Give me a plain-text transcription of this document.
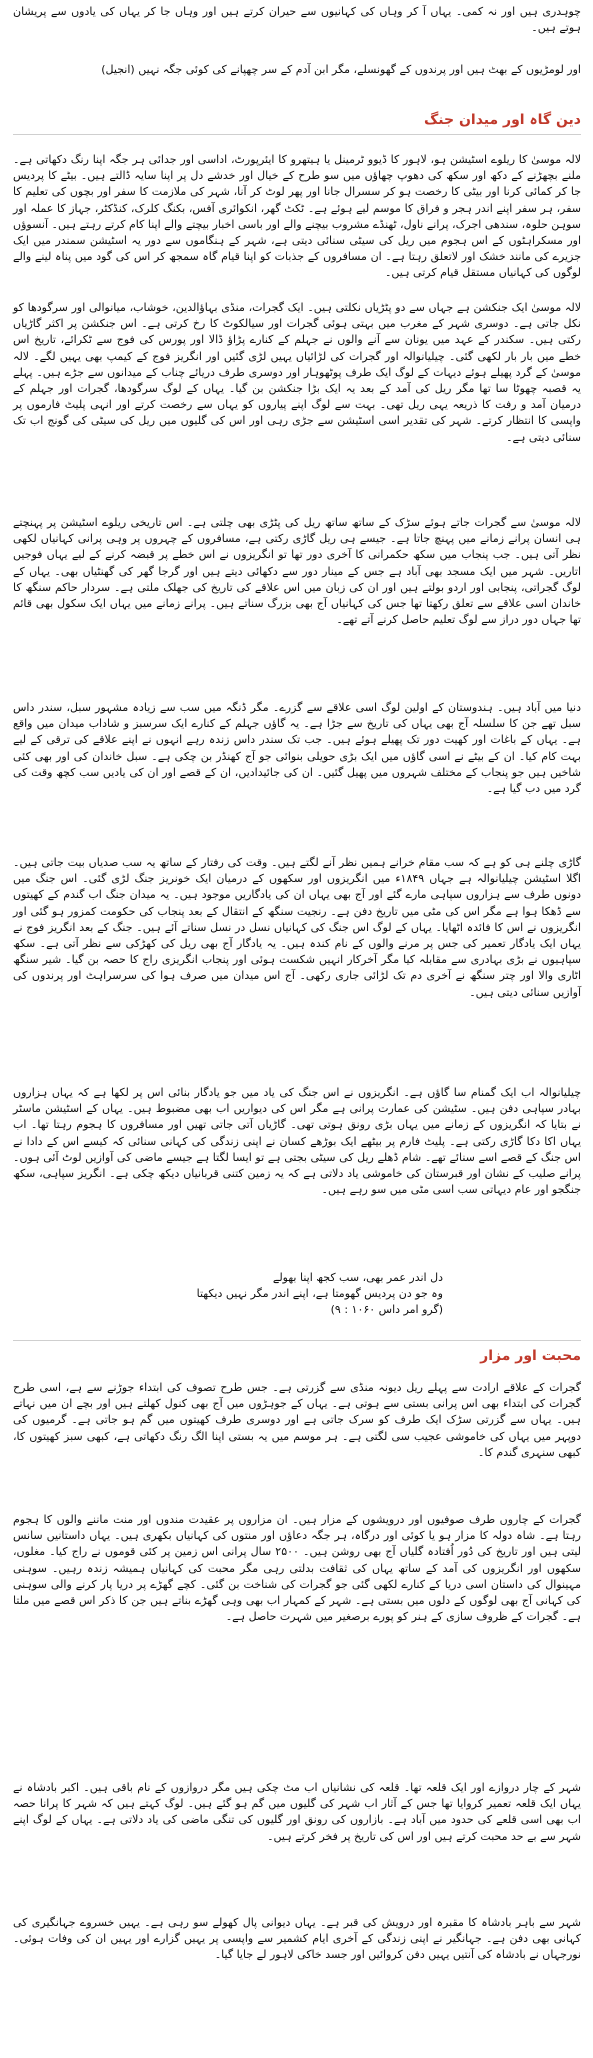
چوہدری ہیں اور نہ کمی۔ یہاں آ کر وہاں کی کہانیوں سے حیران کرتے ہیں اور وہاں جا کر یہاں کی یادوں سے پریشان ہوتے ہیں۔

اور لومڑیوں کے بھٹ ہیں اور پرندوں کے گھونسلے، مگر ابن آدم کے سر چھپانے کی کوئی جگہ نہیں (انجیل)

دین گاہ اور میدان جنگ

لالہ موسیٰ کا ریلوے اسٹیشن ہو، لاہور کا ڈیوو ٹرمینل یا ہیتھرو کا ایئرپورٹ، اداسی اور جدائی ہر جگہ اپنا رنگ دکھاتی ہے۔ ملنے بچھڑنے کے دکھ اور سکھ کی دھوپ چھاؤں میں سو طرح کے خیال اور خدشے دل پر اپنا سایہ ڈالتے ہیں۔ بیٹے کا پردیس جا کر کمائی کرنا اور بیٹی کا رخصت ہو کر سسرال جانا اور پھر لوٹ کر آنا، شہر کی ملازمت کا سفر اور بچوں کی تعلیم کا سفر، ہر سفر اپنے اندر ہجر و فراق کا موسم لیے ہوئے ہے۔ ٹکٹ گھر، انکوائری آفس، بکنگ کلرک، کنڈکٹر، جہاز کا عملہ اور سوہن حلوہ، سندھی اجرک، پرانے ناول، ٹھنڈے مشروب بیچنے والے اور باسی اخبار بیچتے والے اپنا کام کرتے رہتے ہیں۔ آنسوؤں اور مسکراہٹوں کے اس ہجوم میں ریل کی سیٹی سنائی دیتی ہے، شہر کے ہنگاموں سے دور یہ اسٹیشن سمندر میں ایک جزیرے کی مانند خشک اور لاتعلق رہتا ہے۔ ان مسافروں کے جذبات کو اپنا قیام گاہ سمجھ کر اس کی گود میں پناہ لینے والے لوگوں کی کہانیاں مستقل قیام کرتی ہیں۔

لالہ موسیٰ ایک جنکشن ہے جہاں سے دو پٹڑیاں نکلتی ہیں۔ ایک گجرات، منڈی بہاؤالدین، خوشاب، میانوالی اور سرگودھا کو نکل جاتی ہے۔ دوسری شہر کے مغرب میں بہتی ہوئی گجرات اور سیالکوٹ کا رخ کرتی ہے۔ اس جنکشن پر اکثر گاڑیاں رکتی ہیں۔ سکندر کے عہد میں یونان سے آنے والوں نے جہلم کے کنارے پڑاؤ ڈالا اور پورس کی فوج سے ٹکرائے، تاریخ اس خطے میں بار بار لکھی گئی۔ چیلیانوالہ اور گجرات کی لڑائیاں یہیں لڑی گئیں اور انگریز فوج کے کیمپ بھی یہیں لگے۔ لالہ موسیٰ کے گرد پھیلے ہوئے دیہات کے لوگ ایک طرف پوٹھوہار اور دوسری طرف دریائے چناب کے میدانوں سے جڑے ہیں۔ پہلے یہ قصبہ چھوٹا سا تھا مگر ریل کی آمد کے بعد یہ ایک بڑا جنکشن بن گیا۔ یہاں کے لوگ سرگودھا، گجرات اور جہلم کے درمیان آمد و رفت کا ذریعہ یہی ریل تھی۔ بہت سے لوگ اپنے پیاروں کو یہاں سے رخصت کرتے اور انہی پلیٹ فارموں پر واپسی کا انتظار کرتے۔ شہر کی تقدیر اسی اسٹیشن سے جڑی رہی اور اس کی گلیوں میں ریل کی سیٹی کی گونج اب تک سنائی دیتی ہے۔

لالہ موسیٰ سے گجرات جاتے ہوئے سڑک کے ساتھ ساتھ ریل کی پٹڑی بھی چلتی ہے۔ اس تاریخی ریلوے اسٹیشن پر پہنچتے ہی انسان پرانے زمانے میں پہنچ جاتا ہے۔ جیسے ہی ریل گاڑی رکتی ہے، مسافروں کے چہروں پر وہی پرانی کہانیاں لکھی نظر آتی ہیں۔ جب پنجاب میں سکھ حکمرانی کا آخری دور تھا تو انگریزوں نے اس خطے پر قبضہ کرنے کے لیے یہاں فوجیں اتاریں۔ شہر میں ایک مسجد بھی آباد ہے جس کے مینار دور سے دکھائی دیتے ہیں اور گرجا گھر کی گھنٹیاں بھی۔ یہاں کے لوگ گجراتی، پنجابی اور اردو بولتے ہیں اور ان کی زبان میں اس علاقے کی تاریخ کی جھلک ملتی ہے۔ سردار حاکم سنگھ کا خاندان اسی علاقے سے تعلق رکھتا تھا جس کی کہانیاں آج بھی بزرگ سناتے ہیں۔ پرانے زمانے میں یہاں ایک سکول بھی قائم تھا جہاں دور دراز سے لوگ تعلیم حاصل کرنے آتے تھے۔

دنیا میں آباد ہیں۔ ہندوستان کے اولین لوگ اسی علاقے سے گزرے۔ مگر ڈنگہ میں سب سے زیادہ مشہور سبل، سندر داس سبل تھے جن کا سلسلہ آج بھی یہاں کی تاریخ سے جڑا ہے۔ یہ گاؤں جہلم کے کنارے ایک سرسبز و شاداب میدان میں واقع ہے۔ یہاں کے باغات اور کھیت دور تک پھیلے ہوئے ہیں۔ جب تک سندر داس زندہ رہے انہوں نے اپنے علاقے کی ترقی کے لیے بہت کام کیا۔ ان کے بیٹے نے اسی گاؤں میں ایک بڑی حویلی بنوائی جو آج کھنڈر بن چکی ہے۔ سبل خاندان کی اور بھی کئی شاخیں ہیں جو پنجاب کے مختلف شہروں میں پھیل گئیں۔ ان کی جائیدادیں، ان کے قصے اور ان کی یادیں سب کچھ وقت کی گرد میں دب گیا ہے۔

گاڑی چلنے ہی کو ہے کہ سب مقام خرانے ہمیں نظر آنے لگتے ہیں۔ وقت کی رفتار کے ساتھ یہ سب صدیاں بیت جاتی ہیں۔ اگلا اسٹیشن چیلیانوالہ ہے جہاں ۱۸۴۹ء میں انگریزوں اور سکھوں کے درمیان ایک خونریز جنگ لڑی گئی۔ اس جنگ میں دونوں طرف سے ہزاروں سپاہی مارے گئے اور آج بھی یہاں ان کی یادگاریں موجود ہیں۔ یہ میدان جنگ اب گندم کے کھیتوں سے ڈھکا ہوا ہے مگر اس کی مٹی میں تاریخ دفن ہے۔ رنجیت سنگھ کے انتقال کے بعد پنجاب کی حکومت کمزور ہو گئی اور انگریزوں نے اس کا فائدہ اٹھایا۔ یہاں کے لوگ اس جنگ کی کہانیاں نسل در نسل سناتے آئے ہیں۔ جنگ کے بعد انگریز فوج نے یہاں ایک یادگار تعمیر کی جس پر مرنے والوں کے نام کندہ ہیں۔ یہ یادگار آج بھی ریل کی کھڑکی سے نظر آتی ہے۔ سکھ سپاہیوں نے بڑی بہادری سے مقابلہ کیا مگر آخرکار انہیں شکست ہوئی اور پنجاب انگریزی راج کا حصہ بن گیا۔ شیر سنگھ اٹاری والا اور چتر سنگھ نے آخری دم تک لڑائی جاری رکھی۔ آج اس میدان میں صرف ہوا کی سرسراہٹ اور پرندوں کی آوازیں سنائی دیتی ہیں۔

چیلیانوالہ اب ایک گمنام سا گاؤں ہے۔ انگریزوں نے اس جنگ کی یاد میں جو یادگار بنائی اس پر لکھا ہے کہ یہاں ہزاروں بہادر سپاہی دفن ہیں۔ سٹیشن کی عمارت پرانی ہے مگر اس کی دیواریں اب بھی مضبوط ہیں۔ یہاں کے اسٹیشن ماسٹر نے بتایا کہ انگریزوں کے زمانے میں یہاں بڑی رونق ہوتی تھی۔ گاڑیاں آتی جاتی تھیں اور مسافروں کا ہجوم رہتا تھا۔ اب یہاں اکا دکا گاڑی رکتی ہے۔ پلیٹ فارم پر بیٹھے ایک بوڑھے کسان نے اپنی زندگی کی کہانی سنائی کہ کیسے اس کے دادا نے اس جنگ کے قصے اسے سنائے تھے۔ شام ڈھلے ریل کی سیٹی بجتی ہے تو ایسا لگتا ہے جیسے ماضی کی آوازیں لوٹ آئی ہوں۔ پرانے صلیب کے نشان اور قبرستان کی خاموشی یاد دلاتی ہے کہ یہ زمین کتنی قربانیاں دیکھ چکی ہے۔ انگریز سپاہی، سکھ جنگجو اور عام دیہاتی سب اسی مٹی میں سو رہے ہیں۔

دل اندر عمر بھی، سب کجھ اپنا بھولے
وہ جو دن پردیس گھومتا ہے، اپنے اندر مگر نہیں دیکھتا
(گرو امر داس ۱۰۶۰ : ۹)
محبت اور مزار

گجرات کے علاقے ارادت سے پہلے ریل دیونہ منڈی سے گزرتی ہے۔ جس طرح تصوف کی ابتداء جوڑنے سے ہے، اسی طرح گجرات کی ابتداء بھی اس پرانی بستی سے ہوتی ہے۔ یہاں کے جوہڑوں میں آج بھی کنول کھلتے ہیں اور بچے ان میں نہاتے ہیں۔ یہاں سے گزرتی سڑک ایک طرف کو سرک جاتی ہے اور دوسری طرف کھیتوں میں گم ہو جاتی ہے۔ گرمیوں کی دوپہر میں یہاں کی خاموشی عجیب سی لگتی ہے۔ ہر موسم میں یہ بستی اپنا الگ رنگ دکھاتی ہے، کبھی سبز کھیتوں کا، کبھی سنہری گندم کا۔

گجرات کے چاروں طرف صوفیوں اور درویشوں کے مزار ہیں۔ ان مزاروں پر عقیدت مندوں اور منت ماننے والوں کا ہجوم رہتا ہے۔ شاہ دولہ کا مزار ہو یا کوئی اور درگاہ، ہر جگہ دعاؤں اور منتوں کی کہانیاں بکھری ہیں۔ یہاں داستانیں سانس لیتی ہیں اور تاریخ کی دُور اُفتادہ گلیاں آج بھی روشن ہیں۔ ۲۵۰۰ سال پرانی اس زمین پر کئی قوموں نے راج کیا۔ مغلوں، سکھوں اور انگریزوں کی آمد کے ساتھ یہاں کی ثقافت بدلتی رہی مگر محبت کی کہانیاں ہمیشہ زندہ رہیں۔ سوہنی مہینوال کی داستان اسی دریا کے کنارے لکھی گئی جو گجرات کی شناخت بن گئی۔ کچے گھڑے پر دریا پار کرنے والی سوہنی کی کہانی آج بھی لوگوں کے دلوں میں بستی ہے۔ شہر کے کمہار اب بھی وہی گھڑے بناتے ہیں جن کا ذکر اس قصے میں ملتا ہے۔ گجرات کے ظروف سازی کے ہنر کو پورے برصغیر میں شہرت حاصل ہے۔

شہر کے چار دروازے اور ایک قلعہ تھا۔ قلعہ کی نشانیاں اب مٹ چکی ہیں مگر دروازوں کے نام باقی ہیں۔ اکبر بادشاہ نے یہاں ایک قلعہ تعمیر کروایا تھا جس کے آثار اب شہر کی گلیوں میں گم ہو گئے ہیں۔ لوگ کہتے ہیں کہ شہر کا پرانا حصہ اب بھی اسی قلعے کی حدود میں آباد ہے۔ بازاروں کی رونق اور گلیوں کی تنگی ماضی کی یاد دلاتی ہے۔ یہاں کے لوگ اپنے شہر سے بے حد محبت کرتے ہیں اور اس کی تاریخ پر فخر کرتے ہیں۔

شہر سے باہر بادشاہ کا مقبرہ اور درویش کی قبر ہے۔ یہاں دیوانی پال کھولے سو رہی ہے۔ یہیں خسروے جہانگیری کی کہانی بھی دفن ہے۔ جہانگیر نے اپنی زندگی کے آخری ایام کشمیر سے واپسی پر یہیں گزارے اور یہیں ان کی وفات ہوئی۔ نورجہاں نے بادشاہ کی آنتیں یہیں دفن کروائیں اور جسد خاکی لاہور لے جایا گیا۔
